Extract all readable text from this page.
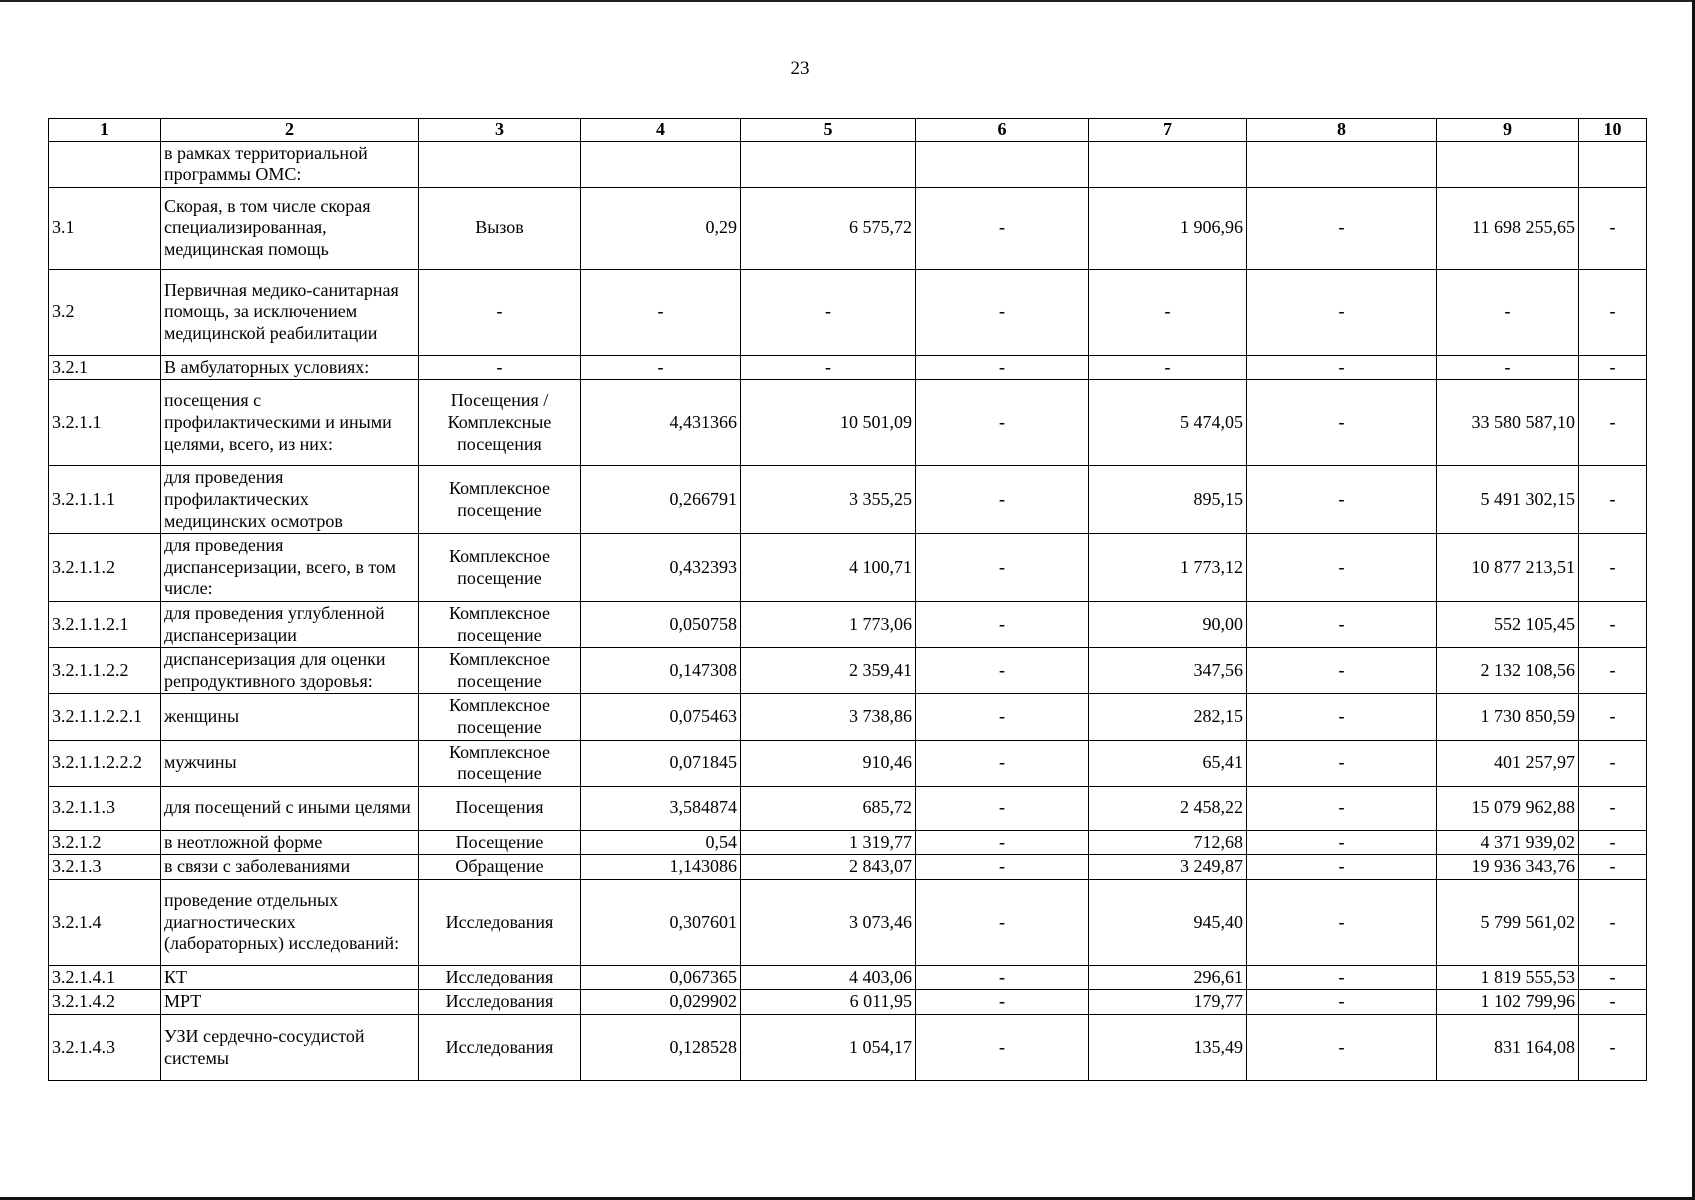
23
1	2	3	4	5	6	7	8	9	10
	в рамках территориальной программы ОМС:								
3.1	Скорая, в том числе скорая специализированная, медицинская помощь	Вызов	0,29	6 575,72	-	1 906,96	-	11 698 255,65	-
3.2	Первичная медико-санитарная помощь, за исключением медицинской реабилитации	-	-	-	-	-	-	-	-
3.2.1	В амбулаторных условиях:	-	-	-	-	-	-	-	-
3.2.1.1	посещения с профилактическими и иными целями, всего, из них:	Посещения / Комплексные посещения	4,431366	10 501,09	-	5 474,05	-	33 580 587,10	-
3.2.1.1.1	для проведения профилактических медицинских осмотров	Комплексное посещение	0,266791	3 355,25	-	895,15	-	5 491 302,15	-
3.2.1.1.2	для проведения диспансеризации, всего, в том числе:	Комплексное посещение	0,432393	4 100,71	-	1 773,12	-	10 877 213,51	-
3.2.1.1.2.1	для проведения углубленной диспансеризации	Комплексное посещение	0,050758	1 773,06	-	90,00	-	552 105,45	-
3.2.1.1.2.2	диспансеризация для оценки репродуктивного здоровья:	Комплексное посещение	0,147308	2 359,41	-	347,56	-	2 132 108,56	-
3.2.1.1.2.2.1	женщины	Комплексное посещение	0,075463	3 738,86	-	282,15	-	1 730 850,59	-
3.2.1.1.2.2.2	мужчины	Комплексное посещение	0,071845	910,46	-	65,41	-	401 257,97	-
3.2.1.1.3	для посещений с иными целями	Посещения	3,584874	685,72	-	2 458,22	-	15 079 962,88	-
3.2.1.2	в неотложной форме	Посещение	0,54	1 319,77	-	712,68	-	4 371 939,02	-
3.2.1.3	в связи с заболеваниями	Обращение	1,143086	2 843,07	-	3 249,87	-	19 936 343,76	-
3.2.1.4	проведение отдельных диагностических (лабораторных) исследований:	Исследования	0,307601	3 073,46	-	945,40	-	5 799 561,02	-
3.2.1.4.1	КТ	Исследования	0,067365	4 403,06	-	296,61	-	1 819 555,53	-
3.2.1.4.2	МРТ	Исследования	0,029902	6 011,95	-	179,77	-	1 102 799,96	-
3.2.1.4.3	УЗИ сердечно-сосудистой системы	Исследования	0,128528	1 054,17	-	135,49	-	831 164,08	-
